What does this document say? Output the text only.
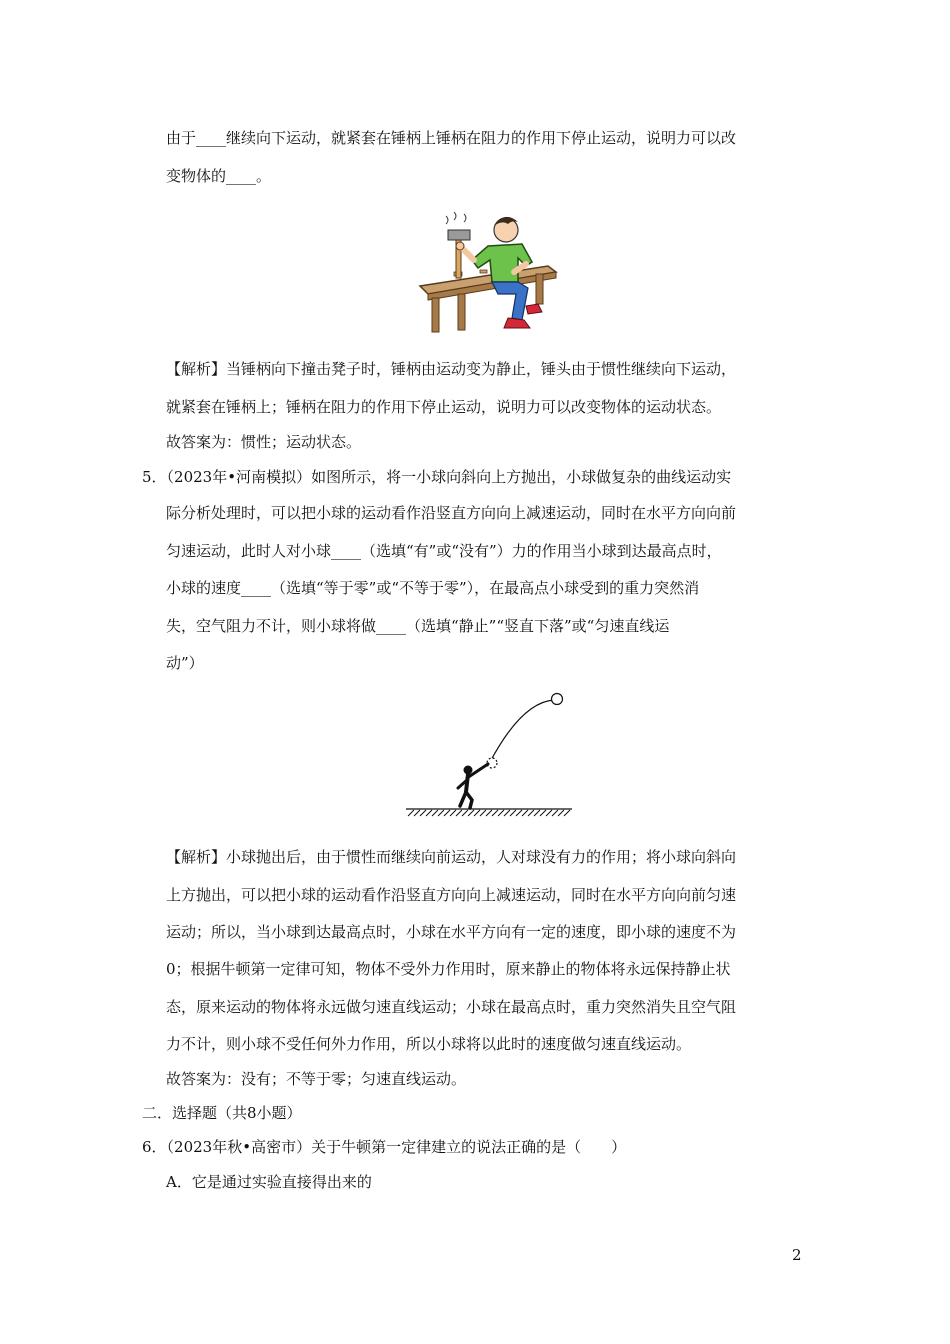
由于____继续向下运动，就紧套在锤柄上锤柄在阻力的作用下停止运动，说明力可以改
变物体的____。
【解析】当锤柄向下撞击凳子时，锤柄由运动变为静止，锤头由于惯性继续向下运动，
就紧套在锤柄上；锤柄在阻力的作用下停止运动，说明力可以改变物体的运动状态。
故答案为：惯性；运动状态。
5．（2023年•河南模拟）如图所示，将一小球向斜向上方抛出，小球做复杂的曲线运动实
际分析处理时，可以把小球的运动看作沿竖直方向向上减速运动，同时在水平方向向前
匀速运动，此时人对小球____（选填“有”或“没有”）力的作用当小球到达最高点时，
小球的速度____（选填“等于零”或“不等于零”），在最高点小球受到的重力突然消
失，空气阻力不计，则小球将做____（选填“静止”“竖直下落”或“匀速直线运
动”）
【解析】小球抛出后，由于惯性而继续向前运动，人对球没有力的作用；将小球向斜向
上方抛出，可以把小球的运动看作沿竖直方向向上减速运动，同时在水平方向向前匀速
运动；所以，当小球到达最高点时，小球在水平方向有一定的速度，即小球的速度不为
0；根据牛顿第一定律可知，物体不受外力作用时，原来静止的物体将永远保持静止状
态，原来运动的物体将永远做匀速直线运动；小球在最高点时，重力突然消失且空气阻
力不计，则小球不受任何外力作用，所以小球将以此时的速度做匀速直线运动。
故答案为：没有；不等于零；匀速直线运动。
二．选择题（共8小题）
6．（2023年秋•高密市）关于牛顿第一定律建立的说法正确的是（　　）
A．它是通过实验直接得出来的
2
